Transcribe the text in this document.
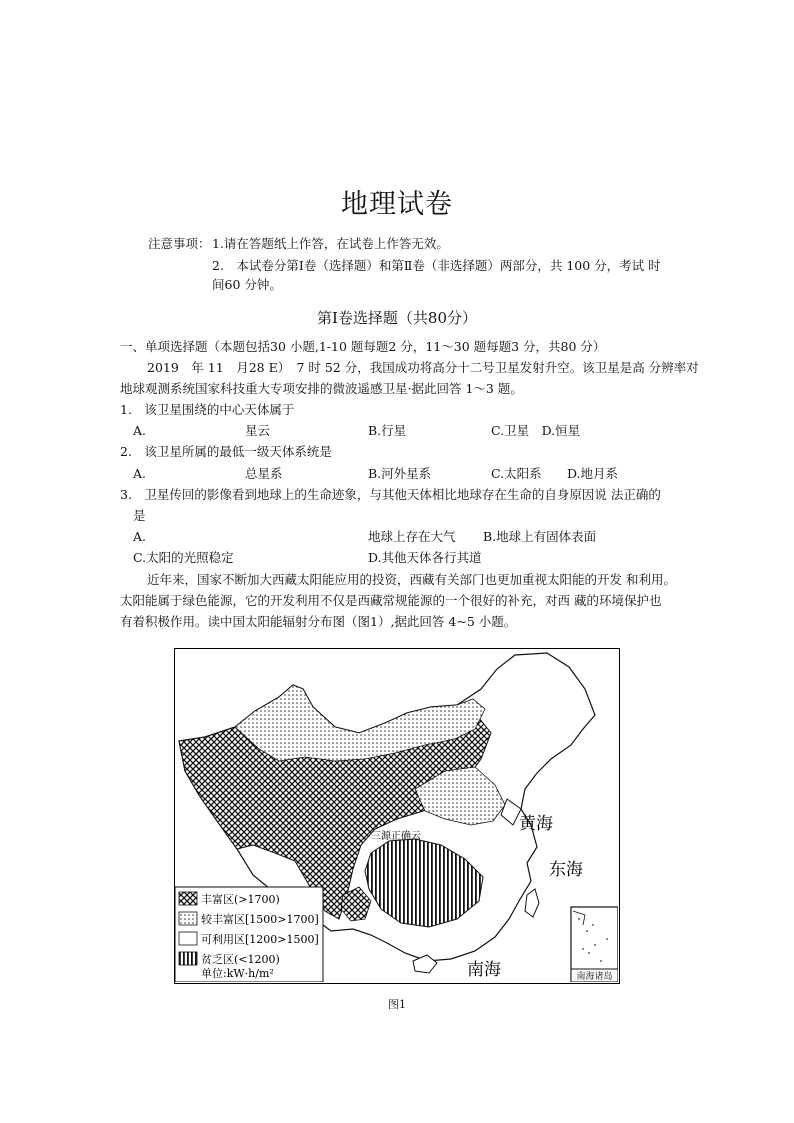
地理试卷
注意事项： 1.请在答题纸上作答，在试卷上作答无效。
2.　本试卷分第Ⅰ卷（选择题）和第Ⅱ卷（非选择题）两部分，共 100 分，考试 时
间60 分钟。
第Ⅰ卷选择题（共80分）
一、单项选择题（本题包括30 小题,1-10 题每题2 分，11～30 题每题3 分，共80 分）
2019　年 11　月28 E）　7 时 52 分，我国成功将高分十二号卫星发射升空。该卫星是高 分辨率对
地球观测系统国家科技重大专项安排的微波遥感卫星·据此回答 1～3 题。
1.　该卫星围绕的中心天体属于
A.	星云	B.行星	C.卫星　D.恒星
2.　该卫星所属的最低一级天体系统是
A.	总星系	B.河外星系	C.太阳系 D.地月系
3.　卫星传回的影像看到地球上的生命迹象，与其他天体相比地球存在生命的自身原因说 法正确的
是
A.	地球上存在大气 B.地球上有固体表面
C.太阳的光照稳定	D.其他天体各行其道
近年来，国家不断加大西藏太阳能应用的投资，西藏有关部门也更加重视太阳能的开发 和利用。
太阳能属于绿色能源，它的开发利用不仅是西藏常规能源的一个很好的补充，对西 藏的环境保护也
有着积极作用。读中国太阳能辐射分布图（图1）,据此回答 4~5 小题。
南海诸岛
黄海
东海
南海
三源正确云
丰富区(>1700)
较丰富区[1500>1700]
可利用区[1200>1500]
贫乏区(<1200)
单位:kW·h/m²
图1
